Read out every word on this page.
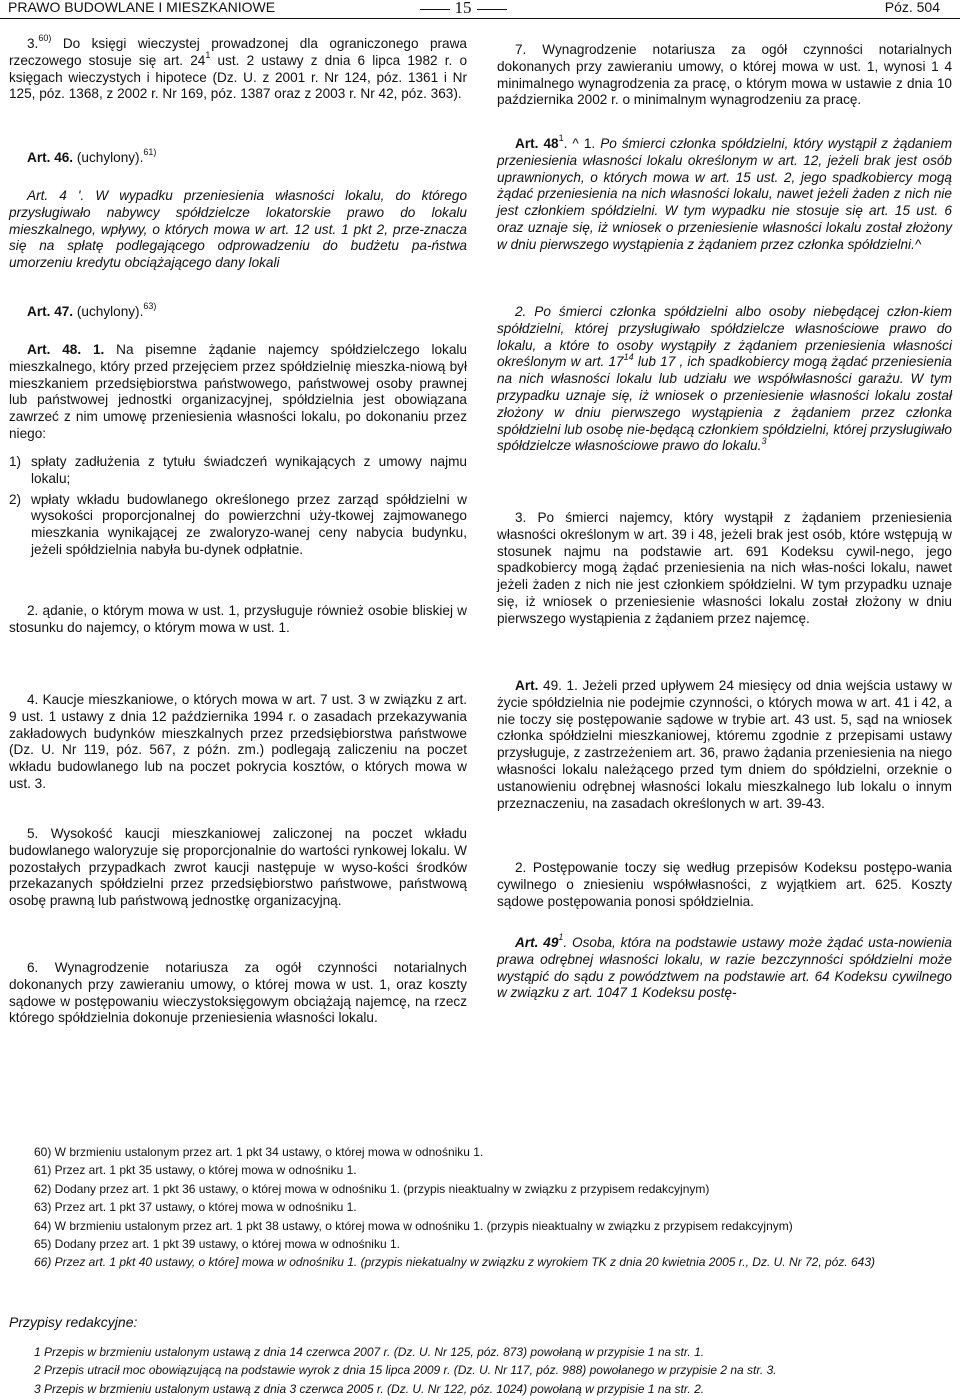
PRAWO BUDOWLANE I MIESZKANIOWE	15	Póz. 504
3.$^{60)}$ Do księgi wieczystej prowadzonej dla ograniczonego prawa rzeczowego stosuje się art. $24^1$ ust. 2 ustawy z dnia 6 lipca 1982 r. o księgach wieczystych i hipotece (Dz. U. z 2001 r. Nr 124, póz. 1361 i Nr 125, póz. 1368, z 2002 r. Nr 169, póz. 1387 oraz z 2003 r. Nr 42, póz. 363).
Art. 46. (uchylony).$^{61)}$
Art. 4 '. W wypadku przeniesienia własności lokalu, do którego przysługiwało nabywcy spółdzielcze lokatorskie prawo do lokalu mieszkalnego, wpływy, o których mowa w art. 12 ust. 1 pkt 2, prze-znacza się na spłatę podlegającego odprowadzeniu do budżetu pa-ństwa umorzeniu kredytu obciążającego dany lokali
Art. 47. (uchylony).$^{63)}$
Art. 48. 1. Na pisemne żądanie najemcy spółdzielczego lokalu mieszkalnego, który przed przejęciem przez spółdzielnię mieszka-niową był mieszkaniem przedsiębiorstwa państwowego, państwowej osoby prawnej lub państwowej jednostki organizacyjnej, spółdzielnia jest obowiązana zawrzeć z nim umowę przeniesienia własności lokalu, po dokonaniu przez niego:
1) spłaty zadłużenia z tytułu świadczeń wynikających z umowy najmu lokalu;
2) wpłaty wkładu budowlanego określonego przez zarząd spółdzielni w wysokości proporcjonalnej do powierzchni uży-tkowej zajmowanego mieszkania wynikającej ze zwaloryzo-wanej ceny nabycia budynku, jeżeli spółdzielnia nabyła bu-dynek odpłatnie.
2. ądanie, o którym mowa w ust. 1, przysługuje również osobie bliskiej w stosunku do najemcy, o którym mowa w ust. 1.
4. Kaucje mieszkaniowe, o których mowa w art. 7 ust. 3 w związku z art. 9 ust. 1 ustawy z dnia 12 października 1994 r. o zasadach przekazywania zakładowych budynków mieszkalnych przez przedsiębiorstwa państwowe (Dz. U. Nr 119, póz. 567, z późn. zm.) podlegają zaliczeniu na poczet wkładu budowlanego lub na poczet pokrycia kosztów, o których mowa w ust. 3.
5. Wysokość kaucji mieszkaniowej zaliczonej na poczet wkładu budowlanego waloryzuje się proporcjonalnie do wartości rynkowej lokalu. W pozostałych przypadkach zwrot kaucji następuje w wyso-kości środków przekazanych spółdzielni przez przedsiębiorstwo państwowe, państwową osobę prawną lub państwową jednostkę organizacyjną.
6. Wynagrodzenie notariusza za ogół czynności notarialnych dokonanych przy zawieraniu umowy, o której mowa w ust. 1, oraz koszty sądowe w postępowaniu wieczystoksięgowym obciążają najemcę, na rzecz którego spółdzielnia dokonuje przeniesienia własności lokalu.
7. Wynagrodzenie notariusza za ogół czynności notarialnych dokonanych przy zawieraniu umowy, o której mowa w ust. 1, wynosi 1 4 minimalnego wynagrodzenia za pracę, o którym mowa w ustawie z dnia 10 października 2002 r. o minimalnym wynagrodzeniu za pracę.
Art. $48^1$. ^ 1. Po śmierci członka spółdzielni, który wystąpił z żądaniem przeniesienia własności lokalu określonym w art. 12, jeżeli brak jest osób uprawnionych, o których mowa w art. 15 ust. 2, jego spadkobiercy mogą żądać przeniesienia na nich własności lokalu, nawet jeżeli żaden z nich nie jest członkiem spółdzielni. W tym wypadku nie stosuje się art. 15 ust. 6 oraz uznaje się, iż wniosek o przeniesienie własności lokalu został złożony w dniu pierwszego wystąpienia z żądaniem przez członka spółdzielni.^
2. Po śmierci członka spółdzielni albo osoby niebędącej człon-kiem spółdzielni, której przysługiwało spółdzielcze własnościowe prawo do lokalu, a które to osoby wystąpiły z żądaniem przeniesienia własności określonym w art. $17^{14}$ lub 17 , ich spadkobiercy mogą żądać przeniesienia na nich własności lokalu lub udziału we współwłasności garażu. W tym przypadku uznaje się, iż wniosek o przeniesienie własności lokalu został złożony w dniu pierwszego wystąpienia z żądaniem przez członka spółdzielni lub osobę nie-będącą członkiem spółdzielni, której przysługiwało spółdzielcze własnościowe prawo do lokalu.$^3$
3. Po śmierci najemcy, który wystąpił z żądaniem przeniesienia własności określonym w art. 39 i 48, jeżeli brak jest osób, które wstępują w stosunek najmu na podstawie art. 691 Kodeksu cywil-nego, jego spadkobiercy mogą żądać przeniesienia na nich włas-ności lokalu, nawet jeżeli żaden z nich nie jest członkiem spółdzielni. W tym przypadku uznaje się, iż wniosek o przeniesienie własności lokalu został złożony w dniu pierwszego wystąpienia z żądaniem przez najemcę.
Art. 49. 1. Jeżeli przed upływem 24 miesięcy od dnia wejścia ustawy w życie spółdzielnia nie podejmie czynności, o których mowa w art. 41 i 42, a nie toczy się postępowanie sądowe w trybie art. 43 ust. 5, sąd na wniosek członka spółdzielni mieszkaniowej, któremu zgodnie z przepisami ustawy przysługuje, z zastrzeżeniem art. 36, prawo żądania przeniesienia na niego własności lokalu należącego przed tym dniem do spółdzielni, orzeknie o ustanowieniu odrębnej własności lokalu mieszkalnego lub lokalu o innym przeznaczeniu, na zasadach określonych w art. 39-43.
2. Postępowanie toczy się według przepisów Kodeksu postępo-wania cywilnego o zniesieniu współwłasności, z wyjątkiem art. 625. Koszty sądowe postępowania ponosi spółdzielnia.
Art. $49^1$. Osoba, która na podstawie ustawy może żądać usta-nowienia prawa odrębnej własności lokalu, w razie bezczynności spółdzielni może wystąpić do sądu z powództwem na podstawie art. 64 Kodeksu cywilnego w związku z art. 1047 1 Kodeksu postę-
60) W brzmieniu ustalonym przez art. 1 pkt 34 ustawy, o której mowa w odnośniku 1.
61) Przez art. 1 pkt 35 ustawy, o której mowa w odnośniku 1.
62) Dodany przez art. 1 pkt 36 ustawy, o której mowa w odnośniku 1. (przypis nieaktualny w związku z przypisem redakcyjnym)
63) Przez art. 1 pkt 37 ustawy, o której mowa w odnośniku 1.
64) W brzmieniu ustalonym przez art. 1 pkt 38 ustawy, o której mowa w odnośniku 1. (przypis nieaktualny w związku z przypisem redakcyjnym)
65) Dodany przez art. 1 pkt 39 ustawy, o której mowa w odnośniku 1.
66) Przez art. 1 pkt 40 ustawy, o które] mowa w odnośniku 1. (przypis niekatualny w związku z wyrokiem TK z dnia 20 kwietnia 2005 r., Dz. U. Nr 72, póz. 643)
Przypisy redakcyjne:
1 Przepis w brzmieniu ustalonym ustawą z dnia 14 czerwca 2007 r. (Dz. U. Nr 125, póz. 873) powołaną w przypisie 1 na str. 1.
2 Przepis utracił moc obowiązującą na podstawie wyrok z dnia 15 lipca 2009 r. (Dz. U. Nr 117, póz. 988) powołanego w przypisie 2 na str. 3.
3 Przepis w brzmieniu ustalonym ustawą z dnia 3 czerwca 2005 r. (Dz. U. Nr 122, póz. 1024) powołaną w przypisie 1 na str. 2.
